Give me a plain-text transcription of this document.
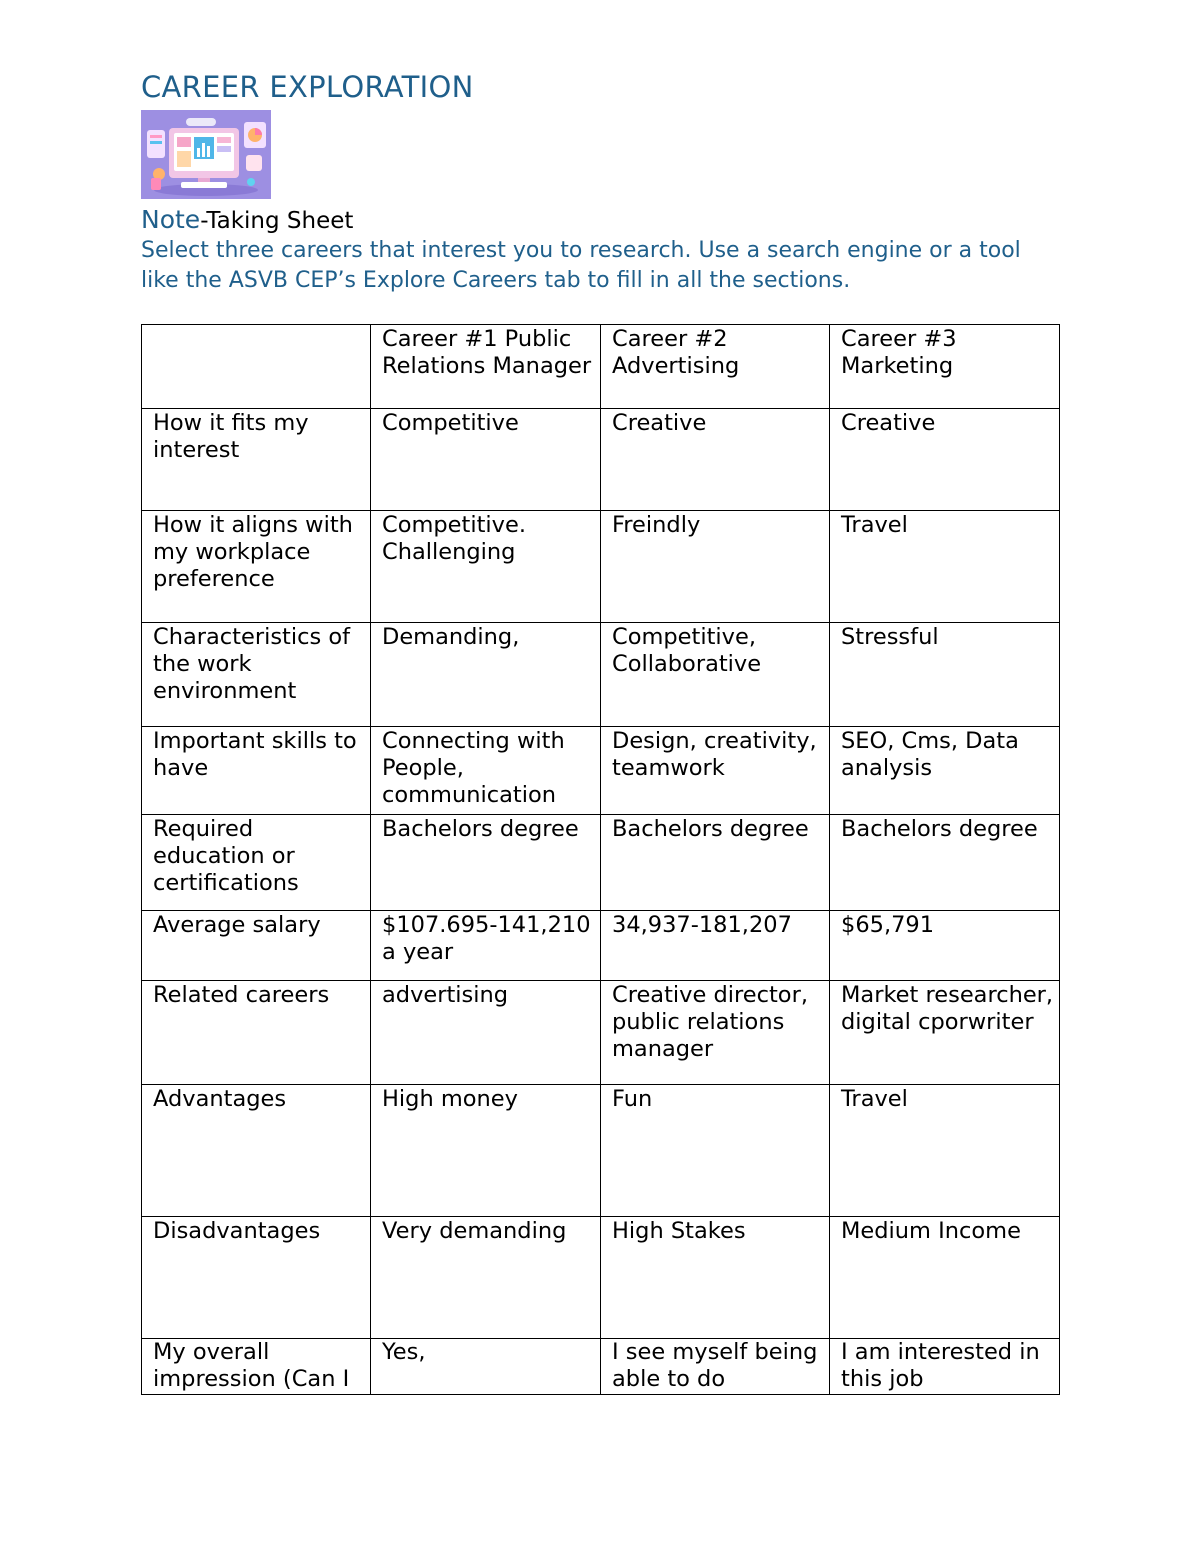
CAREER EXPLORATION

Note-Taking Sheet

Select three careers that interest you to research. Use a search engine or a tool like the ASVB CEP’s Explore Careers tab to fill in all the sections.

	Career #1 Public Relations Manager	Career #2 Advertising	Career #3 Marketing
How it fits my interest	Competitive	Creative	Creative
How it aligns with my workplace preference	Competitive. Challenging	Freindly	Travel
Characteristics of the work environment	Demanding,	Competitive, Collaborative	Stressful
Important skills to have	Connecting with People, communication	Design, creativity, teamwork	SEO, Cms, Data analysis
Required education or certifications	Bachelors degree	Bachelors degree	Bachelors degree
Average salary	$107.695-141,210 a year	34,937-181,207	$65,791
Related careers	advertising	Creative director, public relations manager	Market researcher, digital cporwriter
Advantages	High money	Fun	Travel
Disadvantages	Very demanding	High Stakes	Medium Income
My overall impression (Can I	Yes,	I see myself being able to do	I am interested in this job
